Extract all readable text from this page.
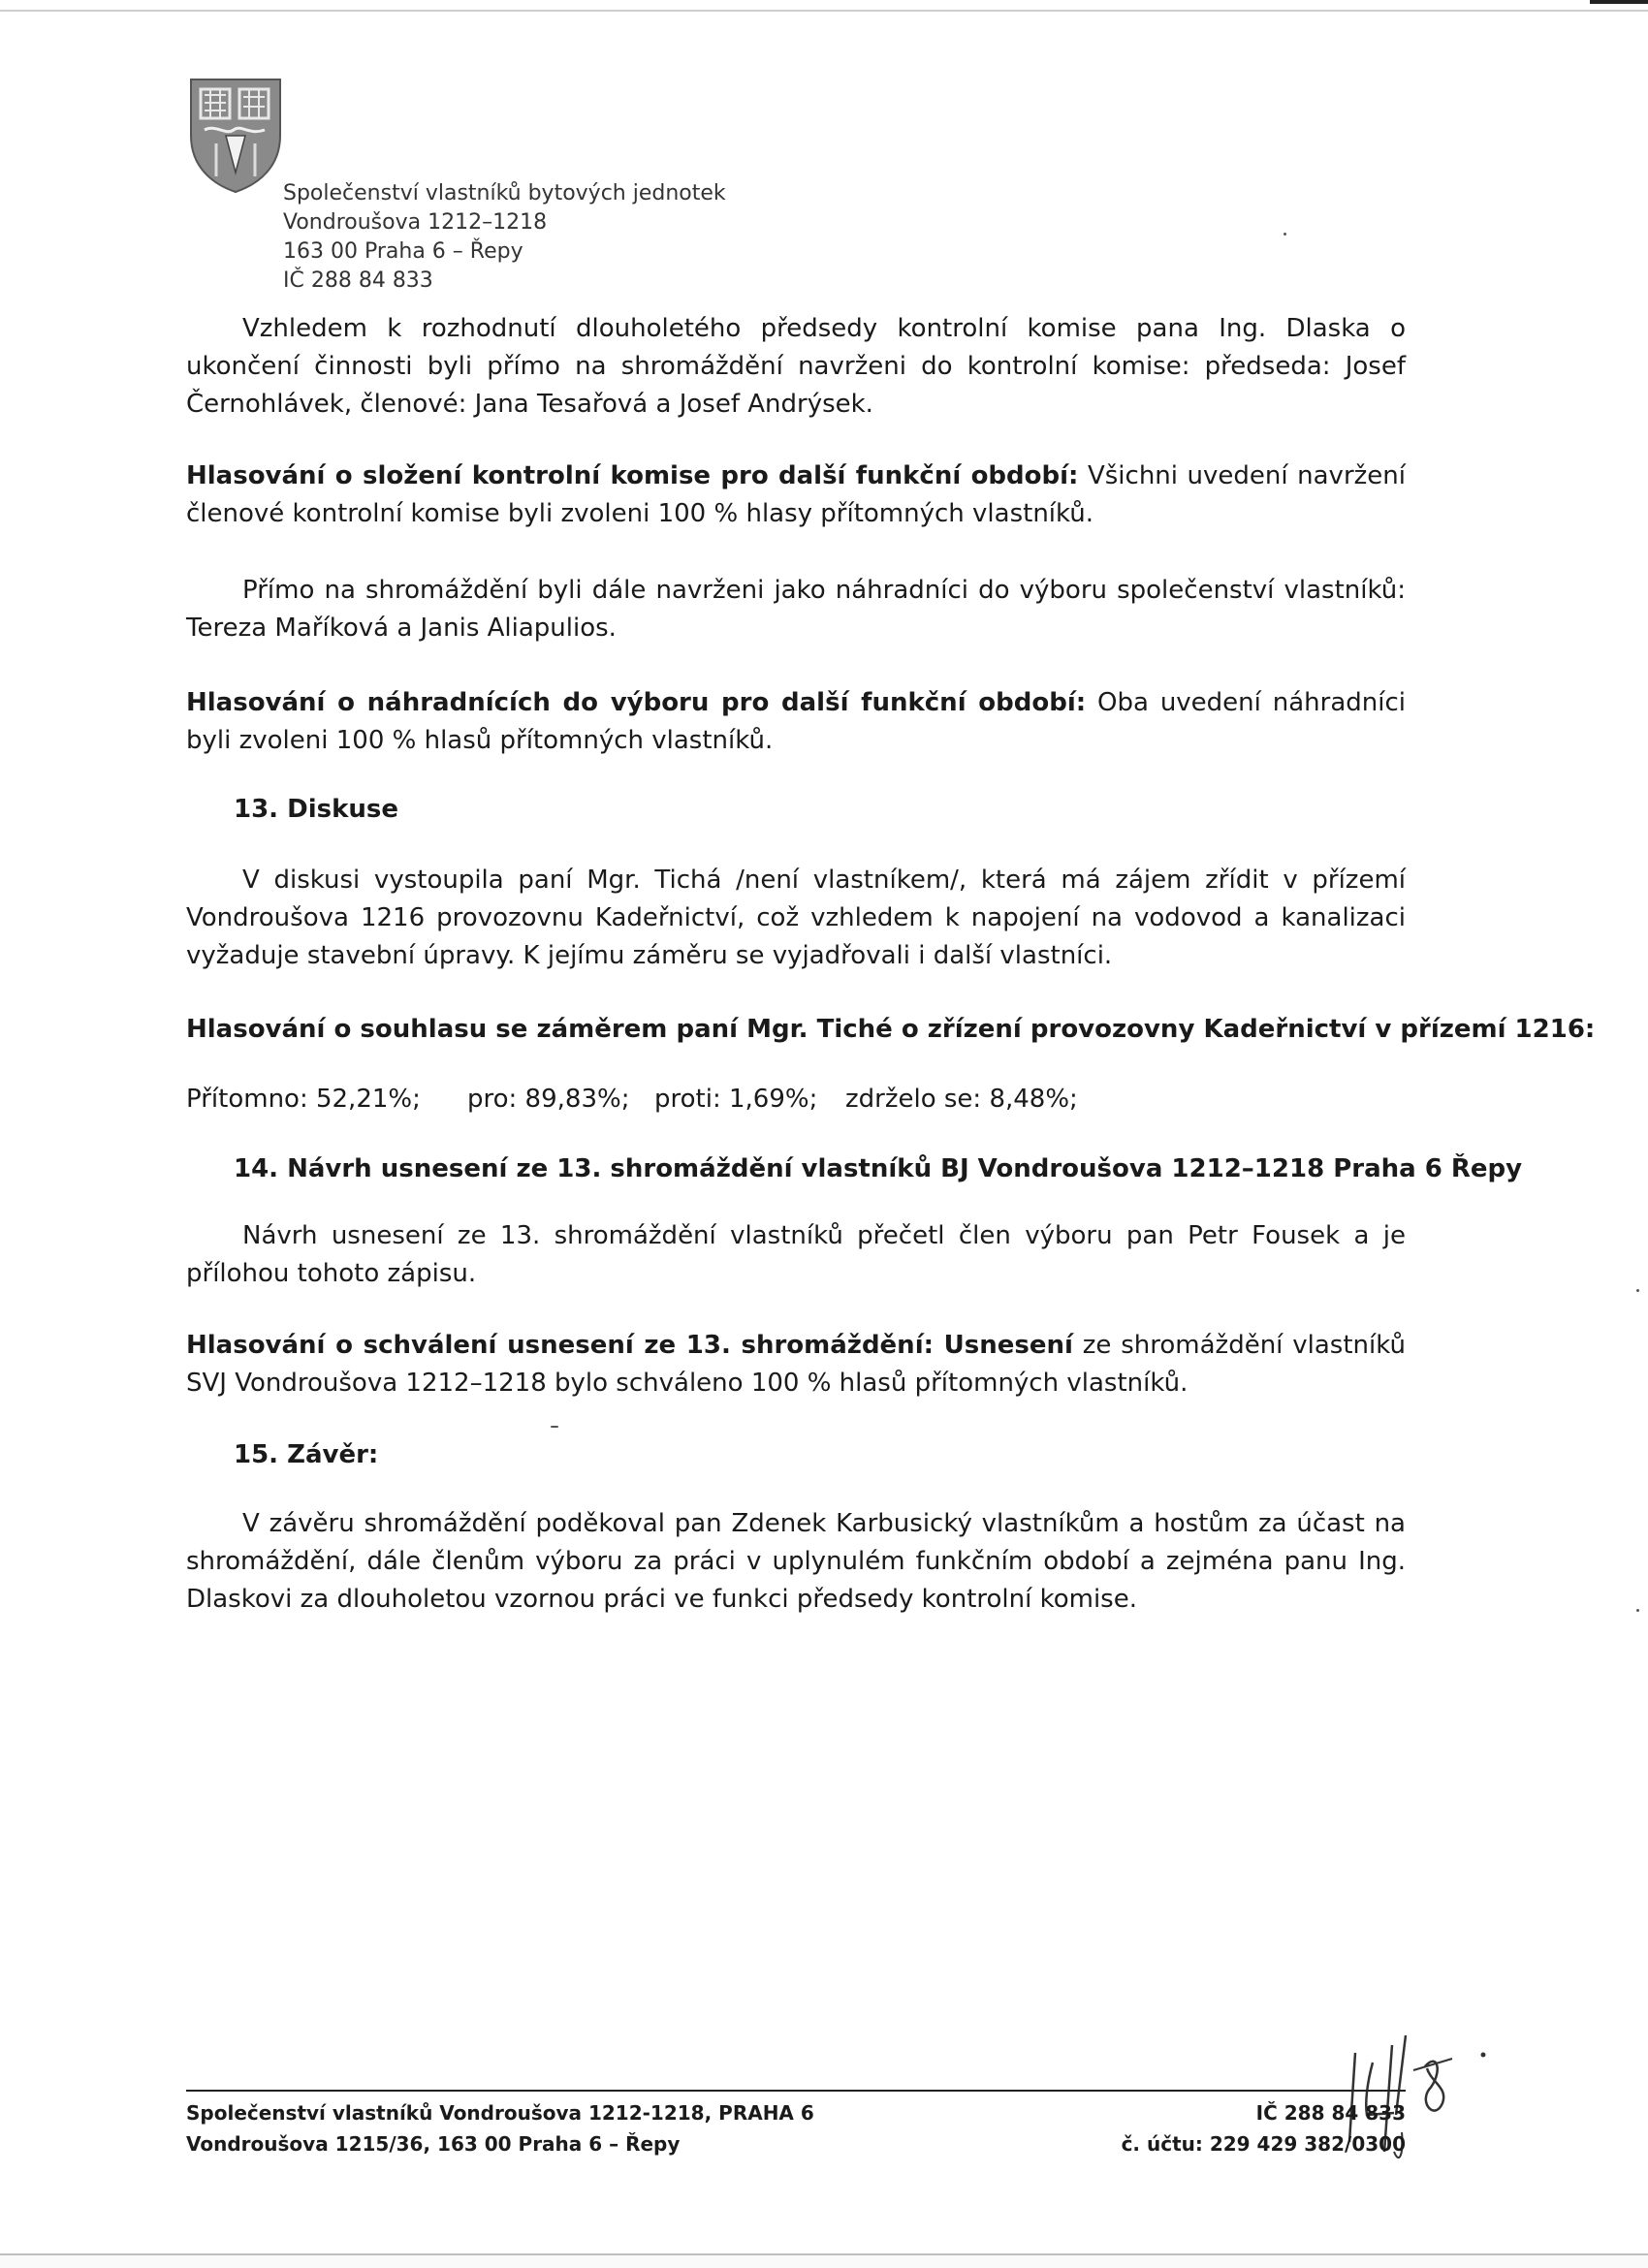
Společenství vlastníků bytových jednotek
Vondroušova 1212–1218
163 00 Praha 6 – Řepy
IČ 288 84 833
Vzhledem k rozhodnutí dlouholetého předsedy kontrolní komise pana Ing. Dlaska o ukončení činnosti byli přímo na shromáždění navrženi do kontrolní komise: předseda: Josef Černohlávek, členové: Jana Tesařová a Josef Andrýsek.
Hlasování o složení kontrolní komise pro další funkční období: Všichni uvedení navržení členové kontrolní komise byli zvoleni 100 % hlasy přítomných vlastníků.
Přímo na shromáždění byli dále navrženi jako náhradníci do výboru společenství vlastníků: Tereza Maříková a Janis Aliapulios.
Hlasování o náhradnících do výboru pro další funkční období: Oba uvedení náhradníci byli zvoleni 100 % hlasů přítomných vlastníků.
13. Diskuse
V diskusi vystoupila paní Mgr. Tichá /není vlastníkem/, která má zájem zřídit v přízemí Vondroušova 1216 provozovnu Kadeřnictví, což vzhledem k napojení na vodovod a kanalizaci vyžaduje stavební úpravy. K jejímu záměru se vyjadřovali i další vlastníci.
Hlasování o souhlasu se záměrem paní Mgr. Tiché o zřízení provozovny Kadeřnictví v přízemí 1216:
Přítomno: 52,21%; pro: 89,83%; proti: 1,69%; zdrželo se: 8,48%;
14. Návrh usnesení ze 13. shromáždění vlastníků BJ Vondroušova 1212–1218 Praha 6 Řepy
Návrh usnesení ze 13. shromáždění vlastníků přečetl člen výboru pan Petr Fousek a je přílohou tohoto zápisu.
Hlasování o schválení usnesení ze 13. shromáždění: Usnesení ze shromáždění vlastníků SVJ Vondroušova 1212–1218 bylo schváleno 100 % hlasů přítomných vlastníků.
15. Závěr:
V závěru shromáždění poděkoval pan Zdenek Karbusický vlastníkům a hostům za účast na shromáždění, dále členům výboru za práci v uplynulém funkčním období a zejména panu Ing. Dlaskovi za dlouholetou vzornou práci ve funkci předsedy kontrolní komise.
Společenství vlastníků Vondroušova 1212-1218, PRAHA 6
Vondroušova 1215/36, 163 00 Praha 6 – Řepy
IČ 288 84 833
č. účtu: 229 429 382/0300
